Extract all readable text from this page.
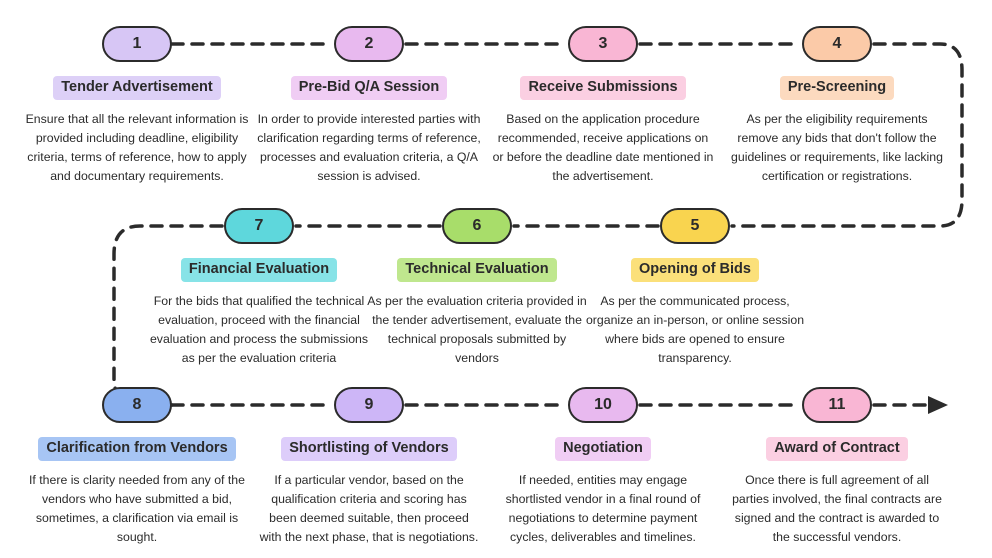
1
Tender Advertisement
Ensure that all the relevant information is provided including deadline, eligibility criteria, terms of reference, how to apply and documentary requirements.
2
Pre-Bid Q/A Session
In order to provide interested parties with clarification regarding terms of reference, processes and evaluation criteria, a Q/A session is advised.
3
Receive Submissions
Based on the application procedure recommended, receive applications on or before the deadline date mentioned in the advertisement.
4
Pre-Screening
As per the eligibility requirements remove any bids that don't follow the guidelines or requirements, like lacking certification or registrations.
5
Opening of Bids
As per the communicated process, organize an in-person, or online session where bids are opened to ensure transparency.
6
Technical Evaluation
As per the evaluation criteria provided in the tender advertisement, evaluate the technical proposals submitted by vendors
7
Financial Evaluation
For the bids that qualified the technical evaluation, proceed with the financial evaluation and process the submissions as per the evaluation criteria
8
Clarification from Vendors
If there is clarity needed from any of the vendors who have submitted a bid, sometimes, a clarification via email is sought.
9
Shortlisting of Vendors
If a particular vendor, based on the qualification criteria and scoring has been deemed suitable, then proceed with the next phase, that is negotiations.
10
Negotiation
If needed, entities may engage shortlisted vendor in a final round of negotiations to determine payment cycles, deliverables and timelines.
11
Award of Contract
Once there is full agreement of all parties involved, the final contracts are signed and the contract is awarded to the successful vendors.
